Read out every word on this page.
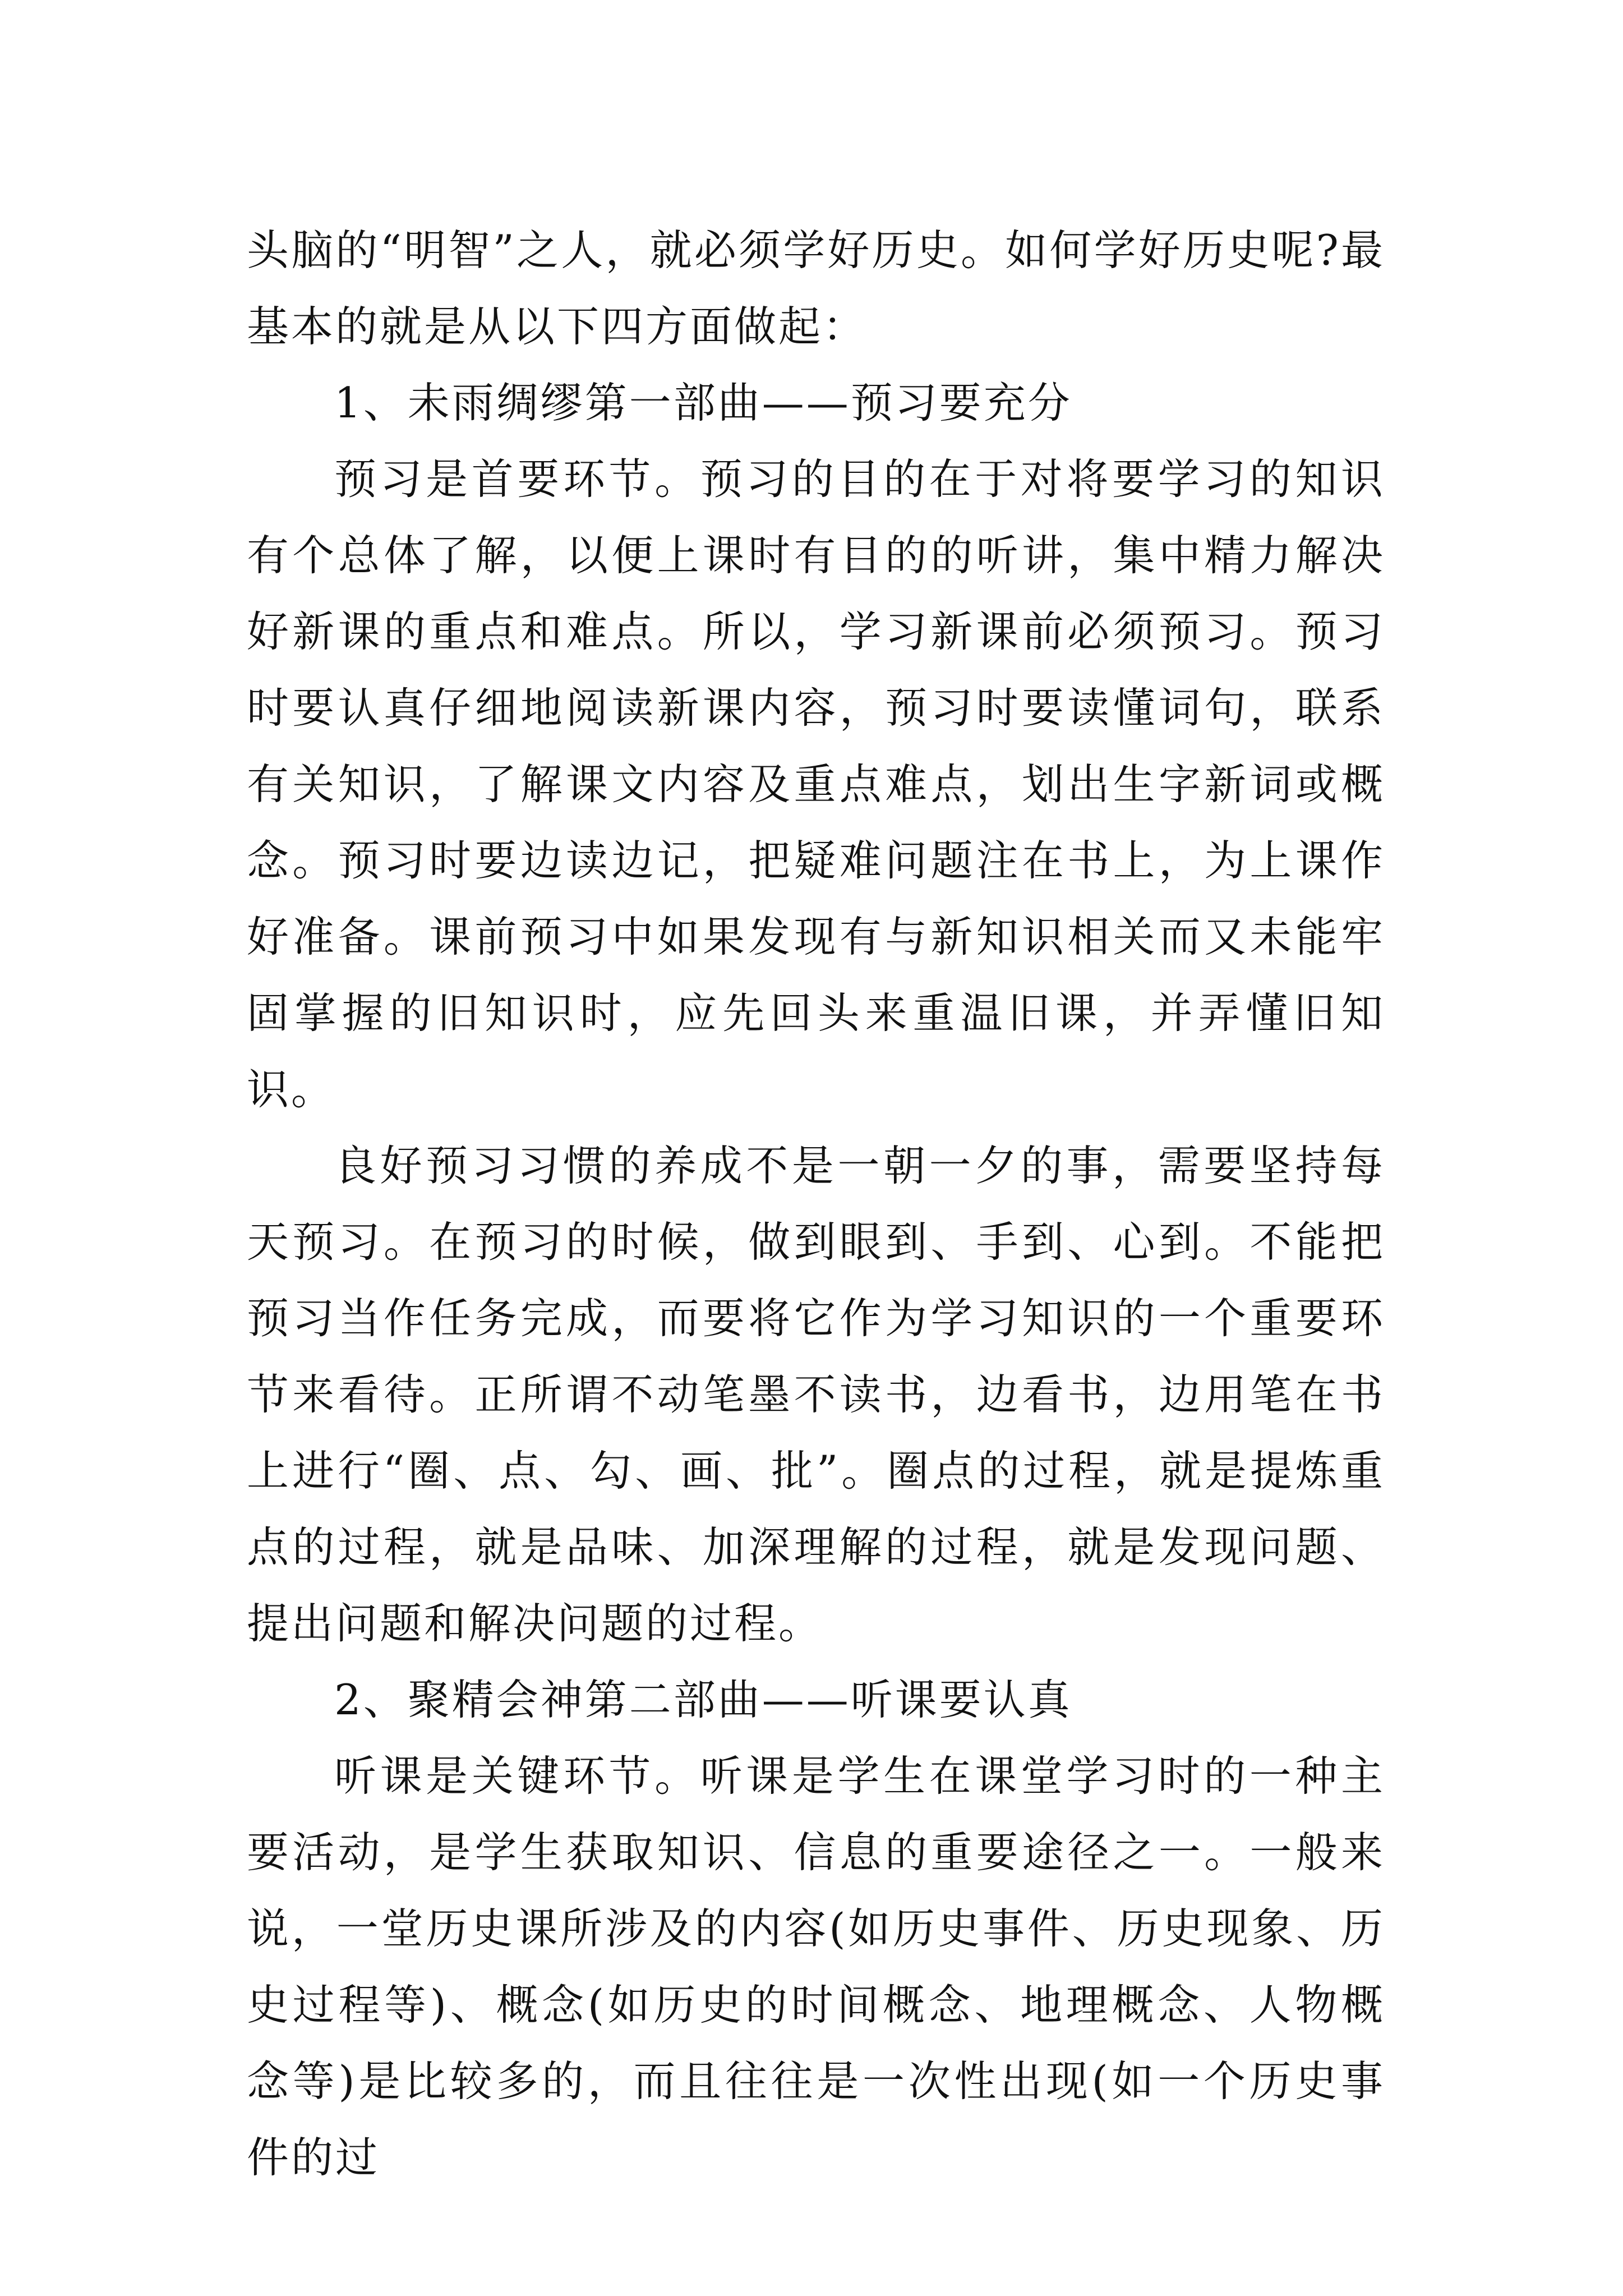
头脑的“明智”之人，就必须学好历史。如何学好历史呢?最基本的就是从以下四方面做起：

1、未雨绸缪第一部曲——预习要充分

预习是首要环节。预习的目的在于对将要学习的知识有个总体了解，以便上课时有目的的听讲，集中精力解决好新课的重点和难点。所以，学习新课前必须预习。预习时要认真仔细地阅读新课内容，预习时要读懂词句，联系有关知识，了解课文内容及重点难点，划出生字新词或概念。预习时要边读边记，把疑难问题注在书上，为上课作好准备。课前预习中如果发现有与新知识相关而又未能牢固掌握的旧知识时，应先回头来重温旧课，并弄懂旧知识。

良好预习习惯的养成不是一朝一夕的事，需要坚持每天预习。在预习的时候，做到眼到、手到、心到。不能把预习当作任务完成，而要将它作为学习知识的一个重要环节来看待。正所谓不动笔墨不读书，边看书，边用笔在书上进行“圈、点、勾、画、批”。圈点的过程，就是提炼重点的过程，就是品味、加深理解的过程，就是发现问题、提出问题和解决问题的过程。

2、聚精会神第二部曲——听课要认真

听课是关键环节。听课是学生在课堂学习时的一种主要活动，是学生获取知识、信息的重要途径之一。一般来说，一堂历史课所涉及的内容(如历史事件、历史现象、历史过程等)、概念(如历史的时间概念、地理概念、人物概念等)是比较多的，而且往往是一次性出现(如一个历史事件的过
